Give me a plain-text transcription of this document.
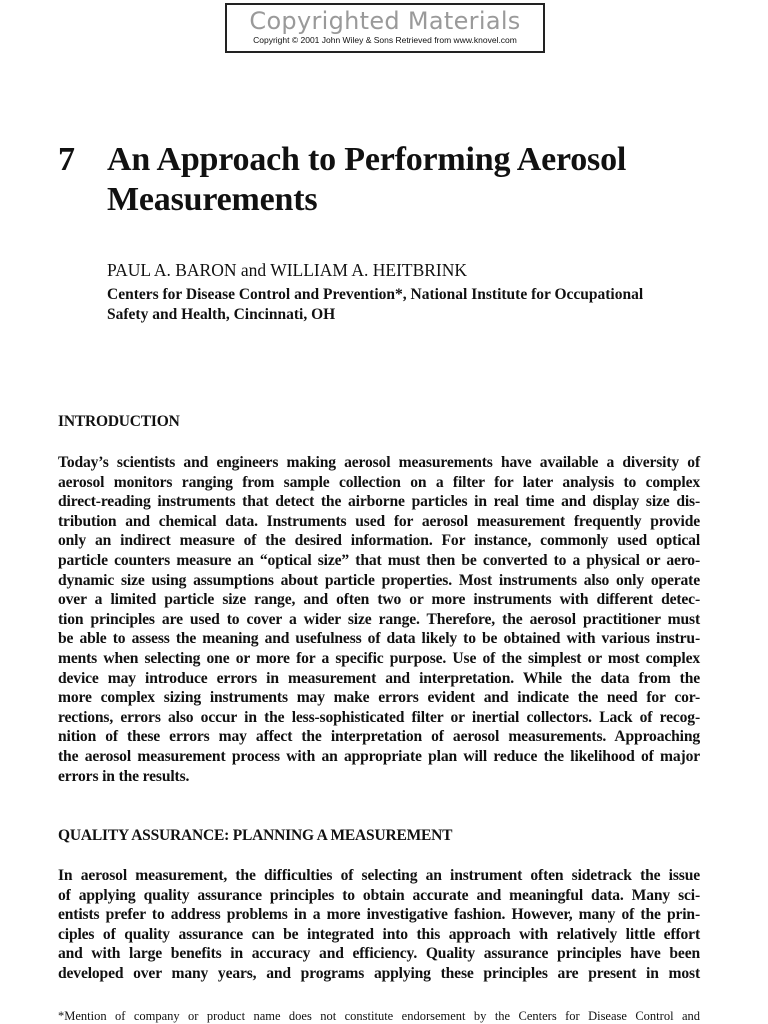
Copyrighted Materials
Copyright © 2001 John Wiley & Sons Retrieved from www.knovel.com
7 An Approach to Performing Aerosol
Measurements
PAUL A. BARON and WILLIAM A. HEITBRINK
Centers for Disease Control and Prevention*, National Institute for Occupational
Safety and Health, Cincinnati, OH
INTRODUCTION
Today’s scientists and engineers making aerosol measurements have available a diversity of
aerosol monitors ranging from sample collection on a filter for later analysis to complex
direct-reading instruments that detect the airborne particles in real time and display size dis-
tribution and chemical data. Instruments used for aerosol measurement frequently provide
only an indirect measure of the desired information. For instance, commonly used optical
particle counters measure an “optical size” that must then be converted to a physical or aero-
dynamic size using assumptions about particle properties. Most instruments also only operate
over a limited particle size range, and often two or more instruments with different detec-
tion principles are used to cover a wider size range. Therefore, the aerosol practitioner must
be able to assess the meaning and usefulness of data likely to be obtained with various instru-
ments when selecting one or more for a specific purpose. Use of the simplest or most complex
device may introduce errors in measurement and interpretation. While the data from the
more complex sizing instruments may make errors evident and indicate the need for cor-
rections, errors also occur in the less-sophisticated filter or inertial collectors. Lack of recog-
nition of these errors may affect the interpretation of aerosol measurements. Approaching
the aerosol measurement process with an appropriate plan will reduce the likelihood of major
errors in the results.
QUALITY ASSURANCE: PLANNING A MEASUREMENT
In aerosol measurement, the difficulties of selecting an instrument often sidetrack the issue
of applying quality assurance principles to obtain accurate and meaningful data. Many sci-
entists prefer to address problems in a more investigative fashion. However, many of the prin-
ciples of quality assurance can be integrated into this approach with relatively little effort
and with large benefits in accuracy and efficiency. Quality assurance principles have been
developed over many years, and programs applying these principles are present in most
*Mention of company or product name does not constitute endorsement by the Centers for Disease Control and
